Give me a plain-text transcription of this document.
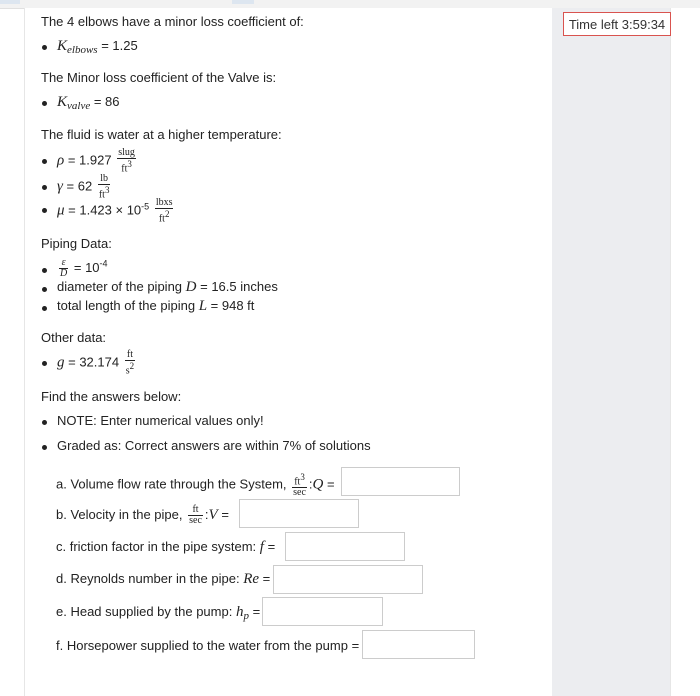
Time left 3:59:34
The 4 elbows have a minor loss coefficient of:
$K_{elbows} = 1.25$
The Minor loss coefficient of the Valve is:
$K_{valve} = 86$
The fluid is water at a higher temperature:
$\rho = 1.927 \frac{\text{slug}}{ft^3}$
$\gamma = 62 \frac{lb}{ft^3}$
$\mu = 1.423 \times 10^{-5} \frac{\text{lbxs}}{ft^2}$
Piping Data:
$\frac{\varepsilon}{D} = 10^{-4}$
diameter of the piping D = 16.5 inches
total length of the piping L = 948 ft
Other data:
$g = 32.174 \frac{ft}{s^2}$
Find the answers below:
NOTE: Enter numerical values only!
Graded as: Correct answers are within 7% of solutions
a. Volume flow rate through the System, $\frac{ft^3}{\sec}$ :Q =
b. Velocity in the pipe, $\frac{ft}{\sec}$ :V =
c. friction factor in the pipe system: f =
d. Reynolds number in the pipe: Re =
e. Head supplied by the pump: $h_p$ =
f. Horsepower supplied to the water from the pump =
